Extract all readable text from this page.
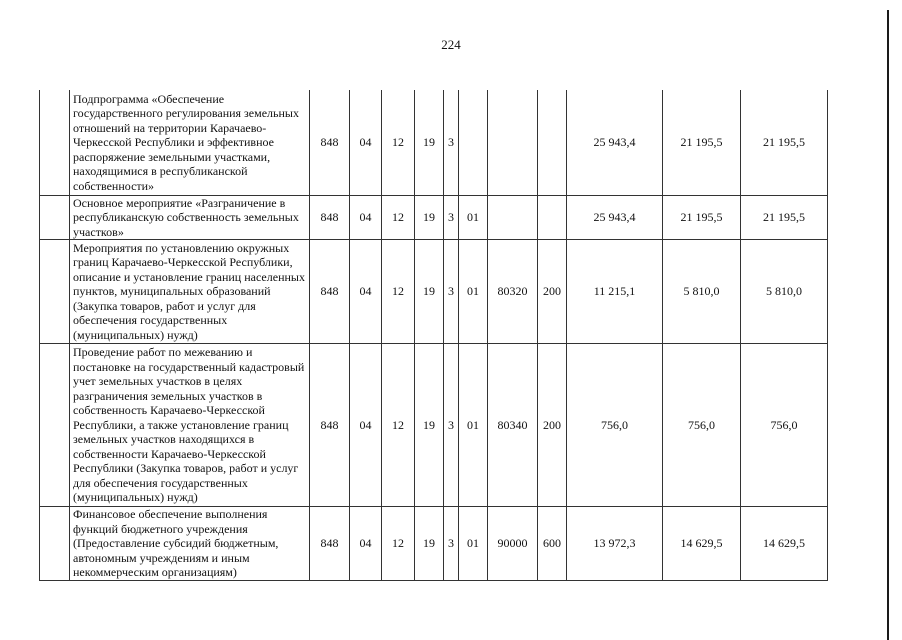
224
	Подпрограмма «Обеспечение государственного регулирования земельных отношений на территории Карачаево-Черкесской Республики и эффективное распоряжение земельными участками, находящимися в республиканской собственности»	848	04	12	19	3				25 943,4	21 195,5	21 195,5
	Основное мероприятие «Разграничение в республиканскую собственность земельных участков»	848	04	12	19	3	01			25 943,4	21 195,5	21 195,5
	Мероприятия по установлению окружных границ Карачаево-Черкесской Республики, описание и установление границ населенных пунктов, муниципальных образований (Закупка товаров, работ и услуг для обеспечения государственных (муниципальных) нужд)	848	04	12	19	3	01	80320	200	11 215,1	5 810,0	5 810,0
	Проведение работ по межеванию и постановке на государственный кадастровый учет земельных участков в целях разграничения земельных участков в собственность Карачаево-Черкесской Республики, а также установление границ земельных участков находящихся в собственности Карачаево-Черкесской Республики (Закупка товаров, работ и услуг для обеспечения государственных (муниципальных) нужд)	848	04	12	19	3	01	80340	200	756,0	756,0	756,0
	Финансовое обеспечение выполнения функций бюджетного учреждения (Предоставление субсидий бюджетным, автономным учреждениям и иным некоммерческим организациям)	848	04	12	19	3	01	90000	600	13 972,3	14 629,5	14 629,5
